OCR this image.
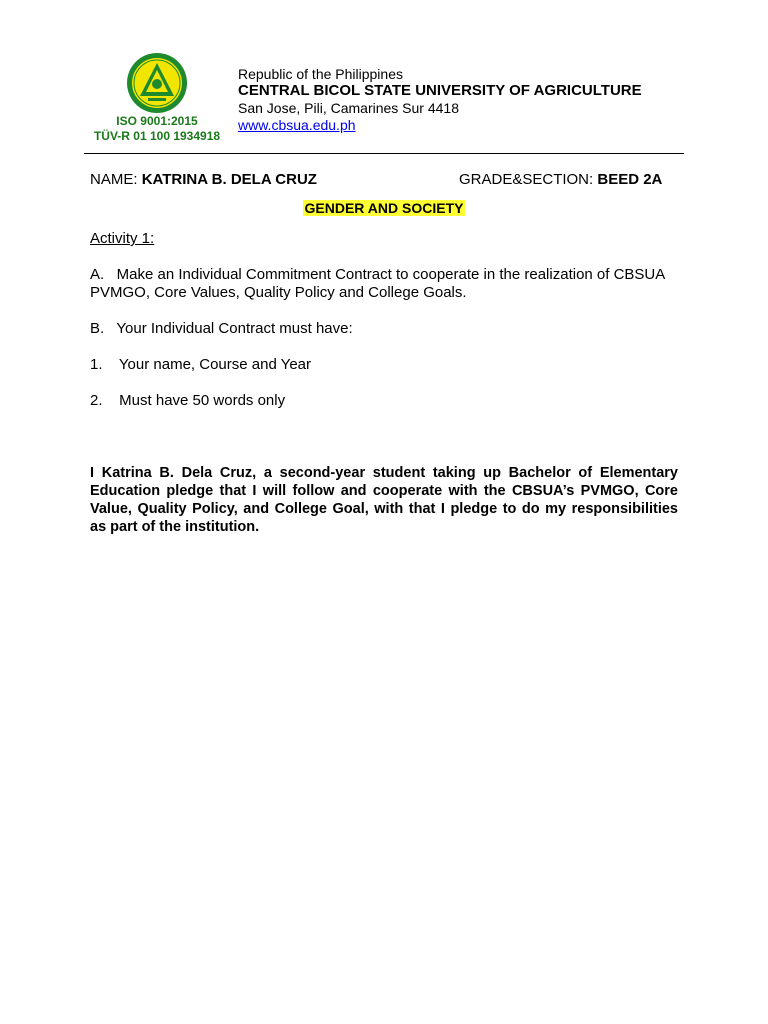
ISO 9001:2015
TÜV-R 01 100 1934918
Republic of the Philippines
CENTRAL BICOL STATE UNIVERSITY OF AGRICULTURE
San Jose, Pili, Camarines Sur 4418
www.cbsua.edu.ph
NAME: KATRINA B. DELA CRUZ	GRADE&SECTION: BEED 2A
GENDER AND SOCIETY
Activity 1:
A.   Make an Individual Commitment Contract to cooperate in the realization of CBSUA PVMGO, Core Values, Quality Policy and College Goals.
B.   Your Individual Contract must have:
1.    Your name, Course and Year
2.    Must have 50 words only
I Katrina B. Dela Cruz, a second-year student taking up Bachelor of Elementary Education pledge that I will follow and cooperate with the CBSUA’s PVMGO, Core Value, Quality Policy, and College Goal, with that I pledge to do my responsibilities as part of the institution.
